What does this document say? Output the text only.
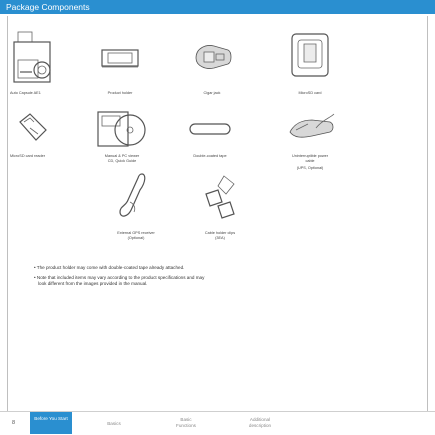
Package Components
Auto Capsule AE1	Product holder	Cigar jack	MicroSD card
MicroSD card reader	Manual & PC viewer
CD, Quick Guide
Double-coated tape	Uninterruptible power
cable
(UPS, Optional)
External GPS receiver
(Optional)
Cable holder clips
(3EA)
• The product holder may come with double-coated tape already attached.
• Note that included items may vary according to the product specifications and may
look different from the images provided in the manual.
8
Before You Start
Basics
Basic
Functions
Additional
description
